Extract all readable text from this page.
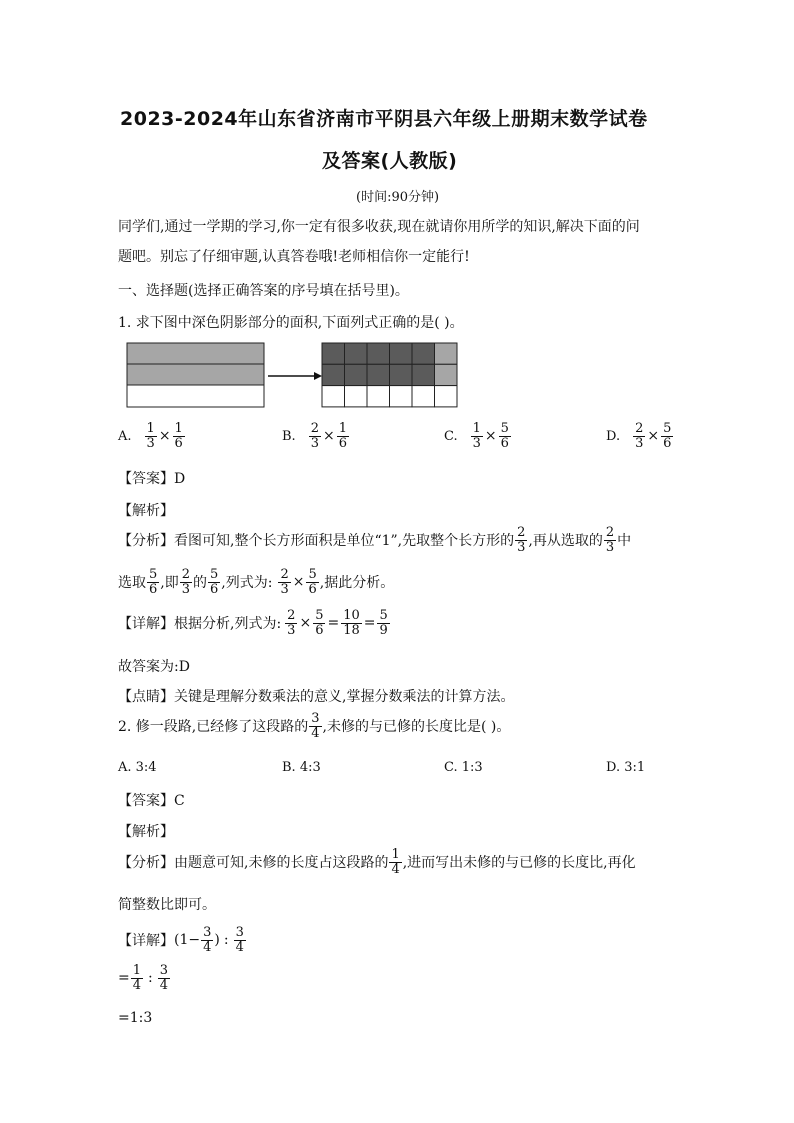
2023-2024年山东省济南市平阴县六年级上册期末数学试卷
及答案(人教版)
(时间:90分钟)
同学们,通过一学期的学习,你一定有很多收获,现在就请你用所学的知识,解决下面的问
题吧。别忘了仔细审题,认真答卷哦!老师相信你一定能行!
一、选择题(选择正确答案的序号填在括号里)。
1. 求下图中深色阴影部分的面积,下面列式正确的是( )。
A. $\frac{1}{3} \times \frac{1}{6}$	B. $\frac{2}{3} \times \frac{1}{6}$	C. $\frac{1}{3} \times \frac{5}{6}$	D. $\frac{2}{3} \times \frac{5}{6}$
【答案】D
【解析】
【分析】 看图可知,整个长方形面积是单位“1”,先取整个长方形的 $\frac{2}{3}$ ,再从选取的 $\frac{2}{3}$ 中
选取 $\frac{5}{6}$ ,即 $\frac{2}{3}$ 的 $\frac{5}{6}$ ,列式为: $\frac{2}{3} \times \frac{5}{6}$ ,据此分析。
【详解】 根据分析,列式为: $\frac{2}{3} \times \frac{5}{6} = \frac{10}{18} = \frac{5}{9}$
故答案为:D
【点睛】关键是理解分数乘法的意义,掌握分数乘法的计算方法。
2. 修一段路,已经修了这段路的 $\frac{3}{4}$ ,未修的与已修的长度比是( )。
A. 3:4	B. 4:3	C. 1:3	D. 3:1
【答案】C
【解析】
【分析】 由题意可知,未修的长度占这段路的 $\frac{1}{4}$ ,进而写出未修的与已修的长度比,再化
简整数比即可。
【详解】 ($1- \frac{3}{4}$ ) : $\frac{3}{4}$
= $\frac{1}{4}$ : $\frac{3}{4}$
=1:3
